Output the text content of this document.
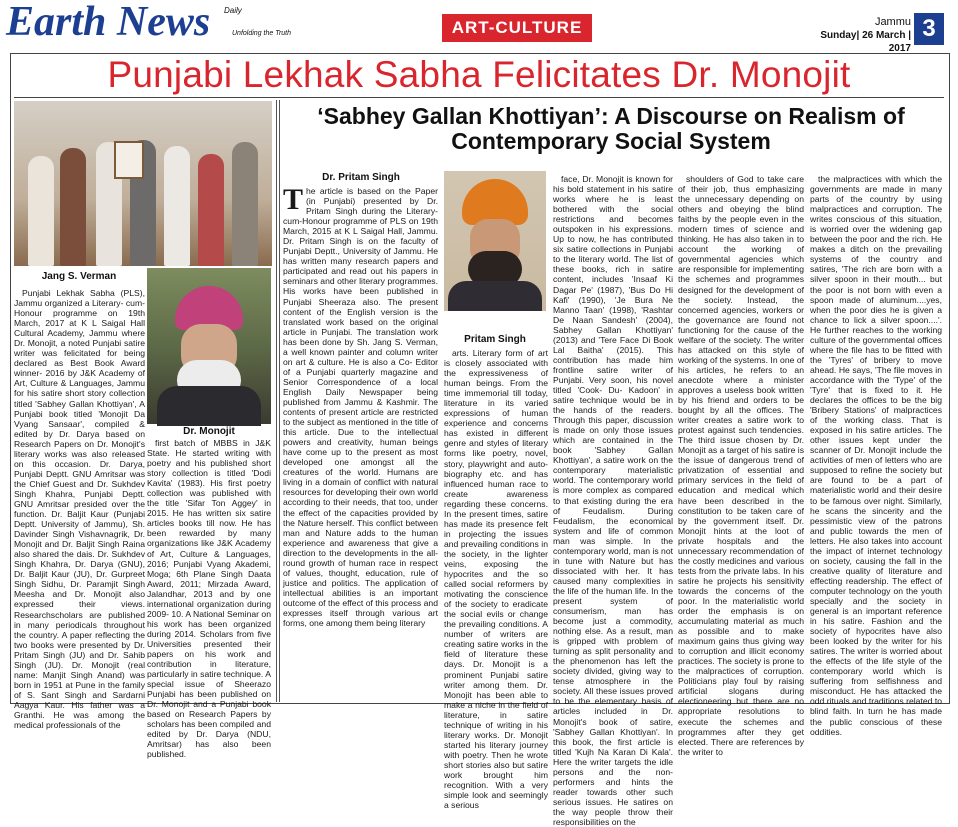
Earth News Daily
Unfolding the Truth	ART-CULTURE	Jammu
Sunday| 26 March | 2017
3
Punjabi Lekhak Sabha Felicitates Dr. Monojit
Dr. Monojit
‘Sabhey Gallan Khottiyan’: A Discourse on Realism of Contemporary Social System
Jang S. Verman
Dr. Pritam Singh
Pritam Singh

Punjabi Lekhak Sabha (PLS), Jammu organized a Literary- cum- Honour programme on 19th March, 2017 at K L Saigal Hall Cultural Academy, Jammu where Dr. Monojit, a noted Punjabi satire writer was felicitated for being declared as Best Book Award winner- 2016 by J&K Academy of Art, Culture & Languages, Jammu for his satire short story collection titled 'Sabhey Gallan Khottiyan', A Punjabi book titled 'Monojit Da Vyang Sansaar', compiled & edited by Dr. Darya based on Research Papers on Dr. Monojit's literary works was also released on this occasion. Dr. Darya, Punjabi Deptt. GNU Amritsar was the Chief Guest and Dr. Sukhdev Singh Khahra, Punjabi Deptt. GNU Amritsar presided over the function. Dr. Baljit Kaur (Punjabi Deptt. University of Jammu), Sh. Davinder Singh Vishavnagrik, Dr. Monojit and Dr. Baljit Singh Raina also shared the dais. Dr. Sukhdev Singh Khahra, Dr. Darya (GNU), Dr. Baljit Kaur (JU), Dr. Gurpreet Singh Sidhu, Dr. Paramjit Singh Meesha and Dr. Monojit also expressed their views. Researchscholars are published in many periodicals throughout the country. A paper reflecting the two books were presented by Dr. Pritam Singh (JU) and Dr. Sahib Singh (JU). Dr. Monojit (real name: Manjit Singh Anand) was born in 1951 at Pune in the family of S. Sant Singh and Sardarni Aagya Kaur. His father was a Granthi. He was among the medical professionals of the

first batch of MBBS in J&K State. He started writing with poetry and his published short story collection is titled 'Dodi Kavita' (1983). His first poetry collection was published with the title 'Sifar Ton Aggey' in 2015. He has written six satire articles books till now. He has been rewarded by many organizations like J&K Academy of Art, Culture & Languages, 2016; Punjabi Vyang Akademi, Moga; 6th Plane Singh Daata Award, 2011; Mirzada Award, Jalandhar, 2013 and by one international organization during 2009- 10. A National Seminar on his work has been organized during 2014. Scholars from five Universities presented their papers on his work and contribution in literature, particularly in satire technique. A special issue of Sheerazo Punjabi has been published on Dr. Monojit and a Punjabi book based on Research Papers by scholars has been compiled and edited by Dr. Darya (NDU, Amritsar) has also been published.

T he article is based on the Paper (in Punjabi) presented by Dr. Pritam Singh during the Literary- cum-Honour programme of PLS on 19th March, 2015 at K L Saigal Hall, Jammu. Dr. Pritam Singh is on the faculty of Punjabi Deptt., University of Jammu. He has written many research papers and participated and read out his papers in seminars and other literary programmes. His works have been published in Punjabi Sheeraza also. The present content of the English version is the translated work based on the original article in Punjabi. The translation work has been done by Sh. Jang S. Verman, a well known painter and column writer on art & culture. He is also a Co- Editor of a Punjabi quarterly magazine and Senior Correspondence of a local English Daily Newspaper being published from Jammu & Kashmir. The contents of present article are restricted to the subject as mentioned in the title of this article. Due to the intellectual powers and creativity, human beings have come up to the present as most developed one amongst all the creatures of the world. Humans are living in a domain of conflict with natural resources for developing their own world according to their needs, that too, under the effect of the capacities provided by the Nature herself. This conflict between man and Nature adds to the human experience and awareness that give a direction to the developments in the all- round growth of human race in respect of values, thought, education, rule of justice and politics. The application of intellectual abilities is an important outcome of the effect of this process and expresses itself through various art forms, one among them being literary

arts. Literary form of art is closely associated with the expressiveness of human beings. From the time immemorial till today, literature in its varied expressions of human experience and concerns has existed in different genre and styles of literary forms like poetry, novel, story, playwright and auto- biography etc. and has influenced human race to create awareness regarding these concerns. In the present times, satire has made its presence felt in projecting the issues and prevailing conditions in the society, in the lighter veins, exposing the hypocrites and the so called social reformers by motivating the conscience of the society to eradicate the social evils or change the prevailing conditions. A number of writers are creating satire works in the field of literature these days. Dr. Monojit is a prominent Punjabi satire writer among them. Dr. Monojit has been able to make a niche in the field of literature, in satire technique of writing in his literary works. Dr. Monojit started his literary journey with poetry. Then he wrote short stories also but satire work brought him recognition. With a very simple look and seemingly a serious

face, Dr. Monojit is known for his bold statement in his satire works where he is least bothered with the social restrictions and becomes outspoken in his expressions. Up to now, he has contributed six satire collections in Punjabi to the literary world. The list of these books, rich in satire content, includes 'Insaaf Ki Dagar Pe' (1987), 'Bus Do Hi Kafi' (1990), 'Je Bura Ne Manno Taan' (1998), 'Rashtar De Naan Sandesh' (2004), Sabhey Gallan Khottiyan' (2013) and 'Tere Face Di Book Lal Baitha' (2015). This contribution has made him frontline satire writer of Punjabi. Very soon, his novel titled 'Cook- Du- Kadoon' in satire technique would be in the hands of the readers. Through this paper, discussion is made on only those issues which are contained in the book 'Sabhey Gallan Khottiyan', a satire work on the contemporary materialistic world. The contemporary world is more complex as compared to that existing during the era of Feudalism. During Feudalism, the economical system and life of common man was simple. In the contemporary world, man is not in tune with Nature but has dissociated with her. It has caused many complexities in the life of the human life. In the present system of consumerism, man has become just a commodity, nothing else. As a result, man is gripped with problem of turning as split personality and the phenomenon has left the society divided, giving way to tense atmosphere in the society. All these issues proved to be the elementary basis of articles included in Dr. Monojit's book of satire, 'Sabhey Gallan Khottiyan'. In this book, the first article is titled 'Kujh Na Karan Di Kala'. Here the writer targets the idle persons and the non- performers and hints the reader towards other such serious issues. He satires on the way people throw their responsibilities on the

shoulders of God to take care of their job, thus emphasizing the unnecessary depending on others and obeying the blind faiths by the people even in the modern times of science and thinking. He has also taken in to account the working of governmental agencies which are responsible for implementing the schemes and programmes designed for the development of the society. Instead, the concerned agencies, workers or the governance are found not functioning for the cause of the welfare of the society. The writer has attacked on this style of working of the systems. In one of his articles, he refers to an anecdote where a minister approves a useless book written by his friend and orders to be bought by all the offices. The writer creates a satire work to protest against such tendencies. The third issue chosen by Dr. Monojit as a target of his satire is the issue of dangerous trend of privatization of essential and primary services in the field of education and medical which have been described in the constitution to be taken care of by the government itself. Dr. Monojit hints at the loot of private hospitals and the unnecessary recommendation of the costly medicines and various tests from the private labs. In his satire he projects his sensitivity towards the concerns of the poor. In the materialistic world order the emphasis is on accumulating material as much as possible and to make maximum gains thus giving way to corruption and illicit economy practices. The society is prone to the malpractices of corruption. Politicians play foul by raising artificial slogans during electioneering but there are no appropriate resolutions to execute the schemes and programmes after they get elected. There are references by the writer to

the malpractices with which the governments are made in many parts of the country by using malpractices and corruption. The writes conscious of this situation, is worried over the widening gap between the poor and the rich. He makes a ditch on the prevailing systems of the country and satires, 'The rich are born with a silver spoon in their mouth... but the poor is not born with even a spoon made of aluminum....yes, when the poor dies he is given a chance to lick a silver spoon....'. He further reaches to the working culture of the governmental offices where the file has to be fitted with the 'Tyres' of bribery to move ahead. He says, 'The file moves in accordance with the 'Type' of the 'Tyre' that is fixed to it. He declares the offices to be the big 'Bribery Stations' of malpractices of the working class. That is exposed in his satire articles. The other issues kept under the scanner of Dr. Monojit include the activities of men of letters who are supposed to refine the society but are found to be a part of materialistic world and their desire to be famous over night. Similarly, he scans the sincerity and the pessimistic view of the patrons and public towards the men of letters. He also takes into account the impact of internet technology on society, causing the fall in the creative quality of literature and effecting readership. The effect of computer technology on the youth specially and the society in general is an important reference in his satire. Fashion and the society of hypocrites have also been looked by the writer for his satires. The writer is worried about the effects of the life style of the contemporary world which is suffering from selfishness and misconduct. He has attacked the odd rituals and traditions related to blind faith. In turn he has made the public conscious of these oddities.
